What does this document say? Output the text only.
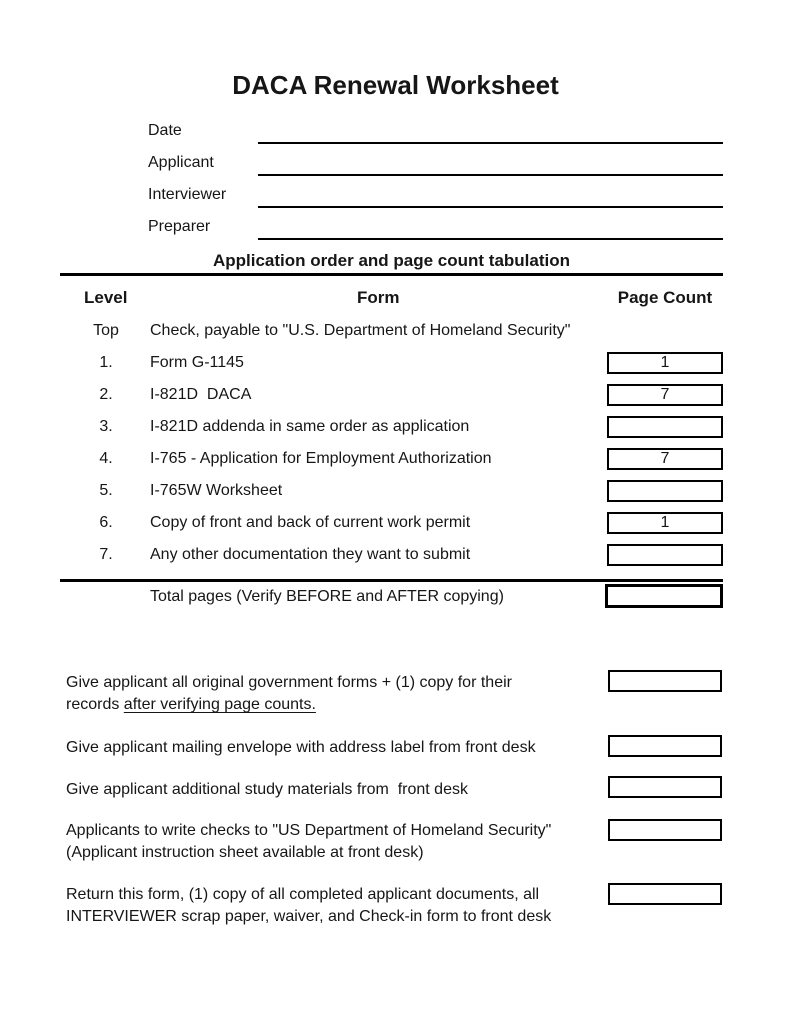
DACA Renewal Worksheet
Date
Applicant
Interviewer
Preparer
Application order and page count tabulation
Level	Form	Page Count
Top	Check, payable to "U.S. Department of Homeland Security"
1.	Form G-1145	1
2.	I-821D  DACA	7
3.	I-821D addenda in same order as application
4.	I-765 - Application for Employment Authorization	7
5.	I-765W Worksheet
6.	Copy of front and back of current work permit	1
7.	Any other documentation they want to submit
Total pages (Verify BEFORE and AFTER copying)
Give applicant all original government forms + (1) copy for their
records after verifying page counts.
Give applicant mailing envelope with address label from front desk
Give applicant additional study materials from  front desk
Applicants to write checks to "US Department of Homeland Security"
(Applicant instruction sheet available at front desk)
Return this form, (1) copy of all completed applicant documents, all
INTERVIEWER scrap paper, waiver, and Check-in form to front desk
